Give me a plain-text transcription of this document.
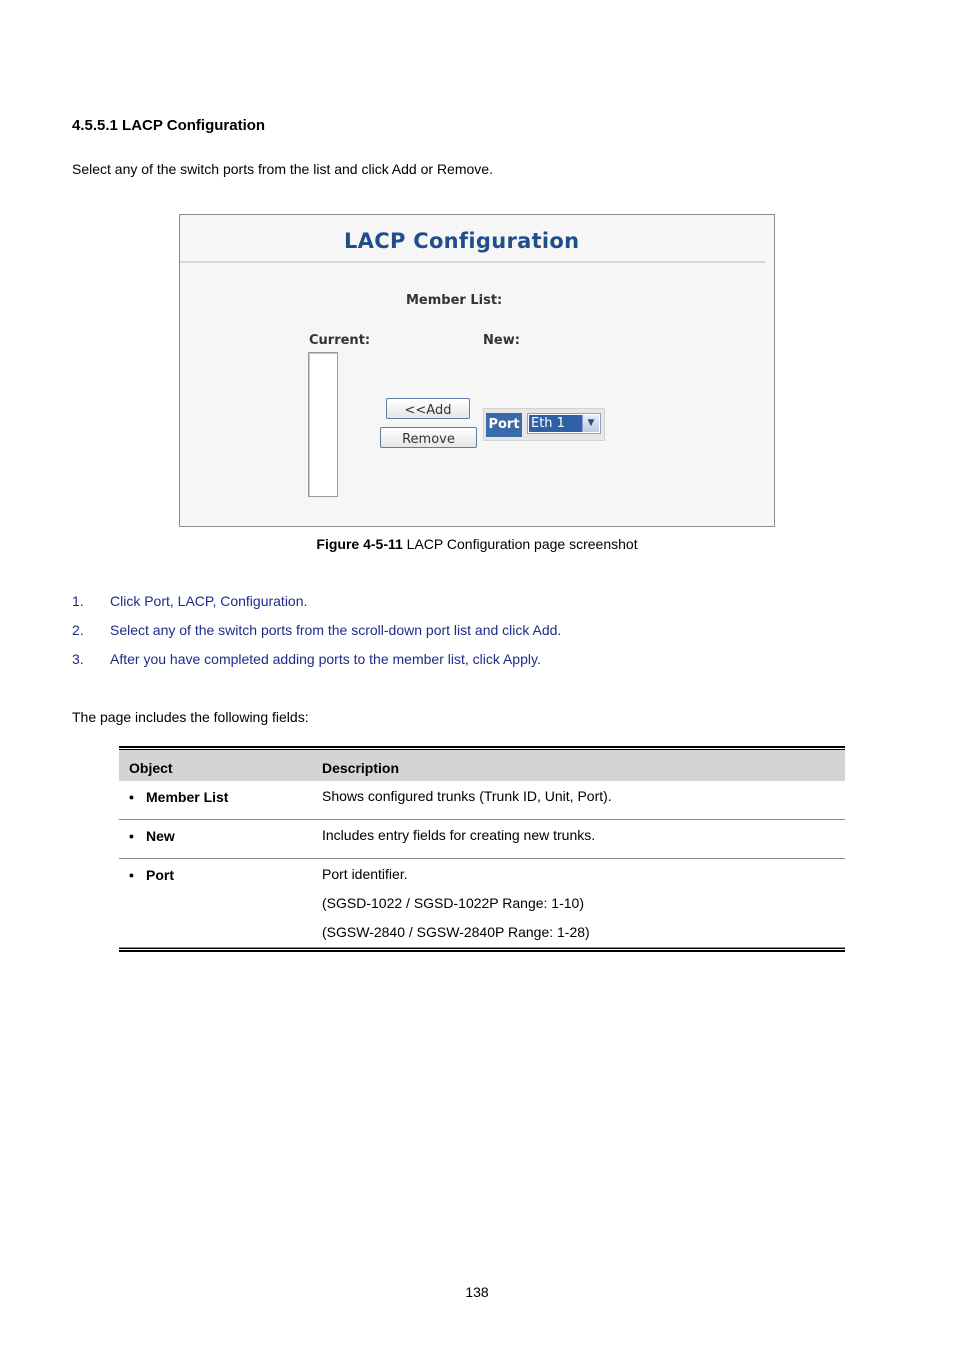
4.5.5.1 LACP Configuration
Select any of the switch ports from the list and click Add or Remove.
LACP Configuration
Member List:
Current:	New:
<<Add
Remove
Port Eth 1	▼
Figure 4-5-11 LACP Configuration page screenshot
1. Click Port, LACP, Configuration.
2. Select any of the switch ports from the scroll-down port list and click Add.
3. After you have completed adding ports to the member list, click Apply.
The page includes the following fields:
Object	Description
• Member List	Shows configured trunks (Trunk ID, Unit, Port).
• New	Includes entry fields for creating new trunks.
• Port	Port identifier.
(SGSD-1022 / SGSD-1022P Range: 1-10)
(SGSW-2840 / SGSW-2840P Range: 1-28)
138
